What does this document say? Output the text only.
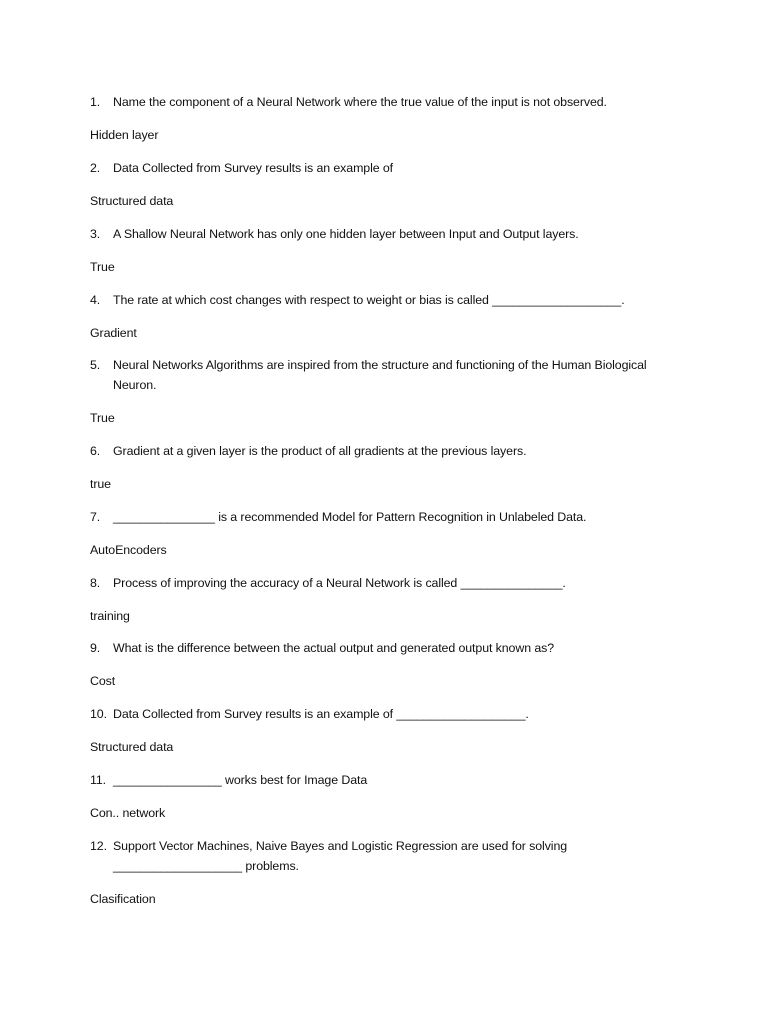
1. Name the component of a Neural Network where the true value of the input is not observed.
Hidden layer
2. Data Collected from Survey results is an example of
Structured data
3. A Shallow Neural Network has only one hidden layer between Input and Output layers.
True
4. The rate at which cost changes with respect to weight or bias is called ___________________.
Gradient
5. Neural Networks Algorithms are inspired from the structure and functioning of the Human Biological Neuron.
True
6. Gradient at a given layer is the product of all gradients at the previous layers.
true
7. _______________ is a recommended Model for Pattern Recognition in Unlabeled Data.
AutoEncoders
8. Process of improving the accuracy of a Neural Network is called _______________.
training
9. What is the difference between the actual output and generated output known as?
Cost
10. Data Collected from Survey results is an example of ___________________.
Structured data
11. ________________ works best for Image Data
Con.. network
12. Support Vector Machines, Naive Bayes and Logistic Regression are used for solving ___________________ problems.
Clasification
